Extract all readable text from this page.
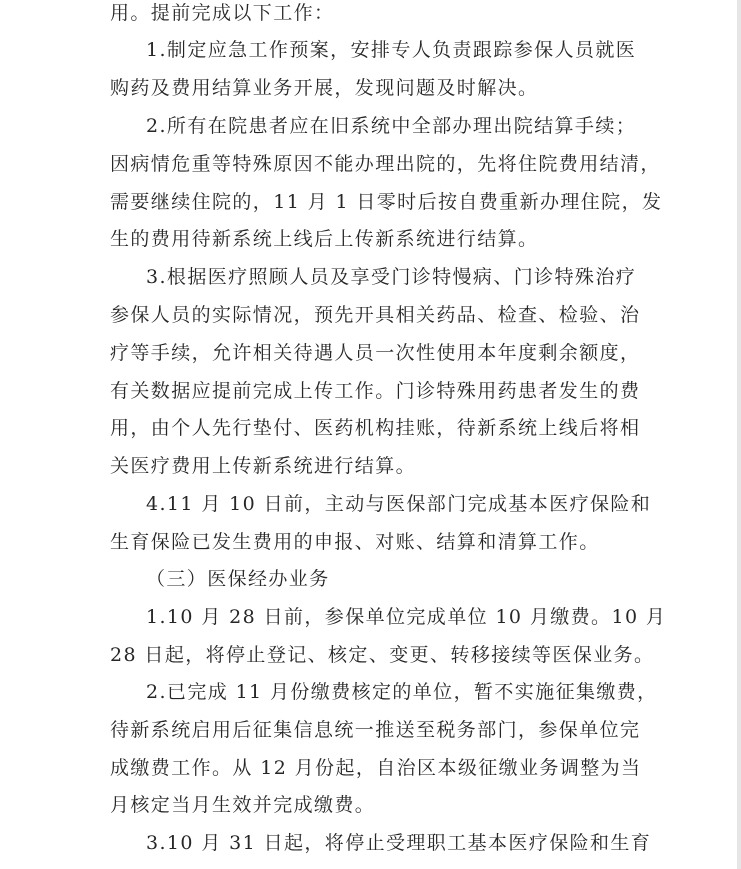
用。提前完成以下工作：

1.制定应急工作预案，安排专人负责跟踪参保人员就医

购药及费用结算业务开展，发现问题及时解决。

2.所有在院患者应在旧系统中全部办理出院结算手续；

因病情危重等特殊原因不能办理出院的，先将住院费用结清，

需要继续住院的，11 月 1 日零时后按自费重新办理住院，发

生的费用待新系统上线后上传新系统进行结算。

3.根据医疗照顾人员及享受门诊特慢病、门诊特殊治疗

参保人员的实际情况，预先开具相关药品、检查、检验、治

疗等手续，允许相关待遇人员一次性使用本年度剩余额度，

有关数据应提前完成上传工作。门诊特殊用药患者发生的费

用，由个人先行垫付、医药机构挂账，待新系统上线后将相

关医疗费用上传新系统进行结算。

4.11 月 10 日前，主动与医保部门完成基本医疗保险和

生育保险已发生费用的申报、对账、结算和清算工作。

（三）医保经办业务

1.10 月 28 日前，参保单位完成单位 10 月缴费。10 月

28 日起，将停止登记、核定、变更、转移接续等医保业务。

2.已完成 11 月份缴费核定的单位，暂不实施征集缴费，

待新系统启用后征集信息统一推送至税务部门，参保单位完

成缴费工作。从 12 月份起，自治区本级征缴业务调整为当

月核定当月生效并完成缴费。

3.10 月 31 日起，将停止受理职工基本医疗保险和生育
